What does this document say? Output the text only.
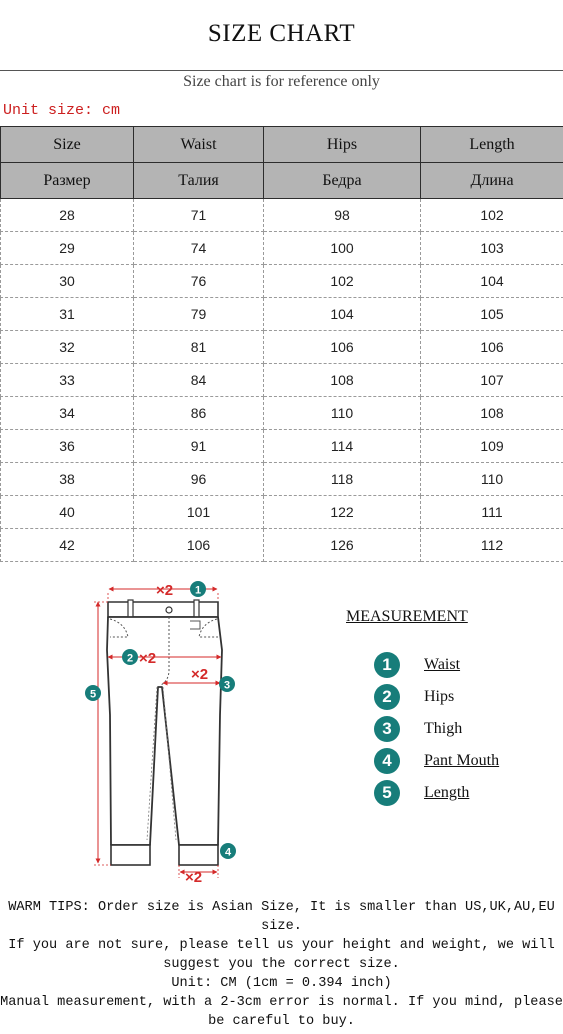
SIZE CHART
Size chart is for reference only
Unit size: cm
Size	Waist	Hips	Length
Размер	Талия	Бедра	Длина
28	71	98	102
29	74	100	103
30	76	102	104
31	79	104	105
32	81	106	106
33	84	108	107
34	86	110	108
36	91	114	109
38	96	118	110
40	101	122	111
42	106	126	112
×2
×2
×2
×2
1
2
3
4
5
MEASUREMENT
1	Waist
2	Hips
3	Thigh
4	Pant Mouth
5	Length

WARM TIPS: Order size is Asian Size, It is smaller than US,UK,AU,EU size.

If you are not sure, please tell us your height and weight, we will suggest you the correct size.

Unit: CM (1cm = 0.394 inch)

Manual measurement, with a 2-3cm error is normal. If you mind, please be careful to buy.
